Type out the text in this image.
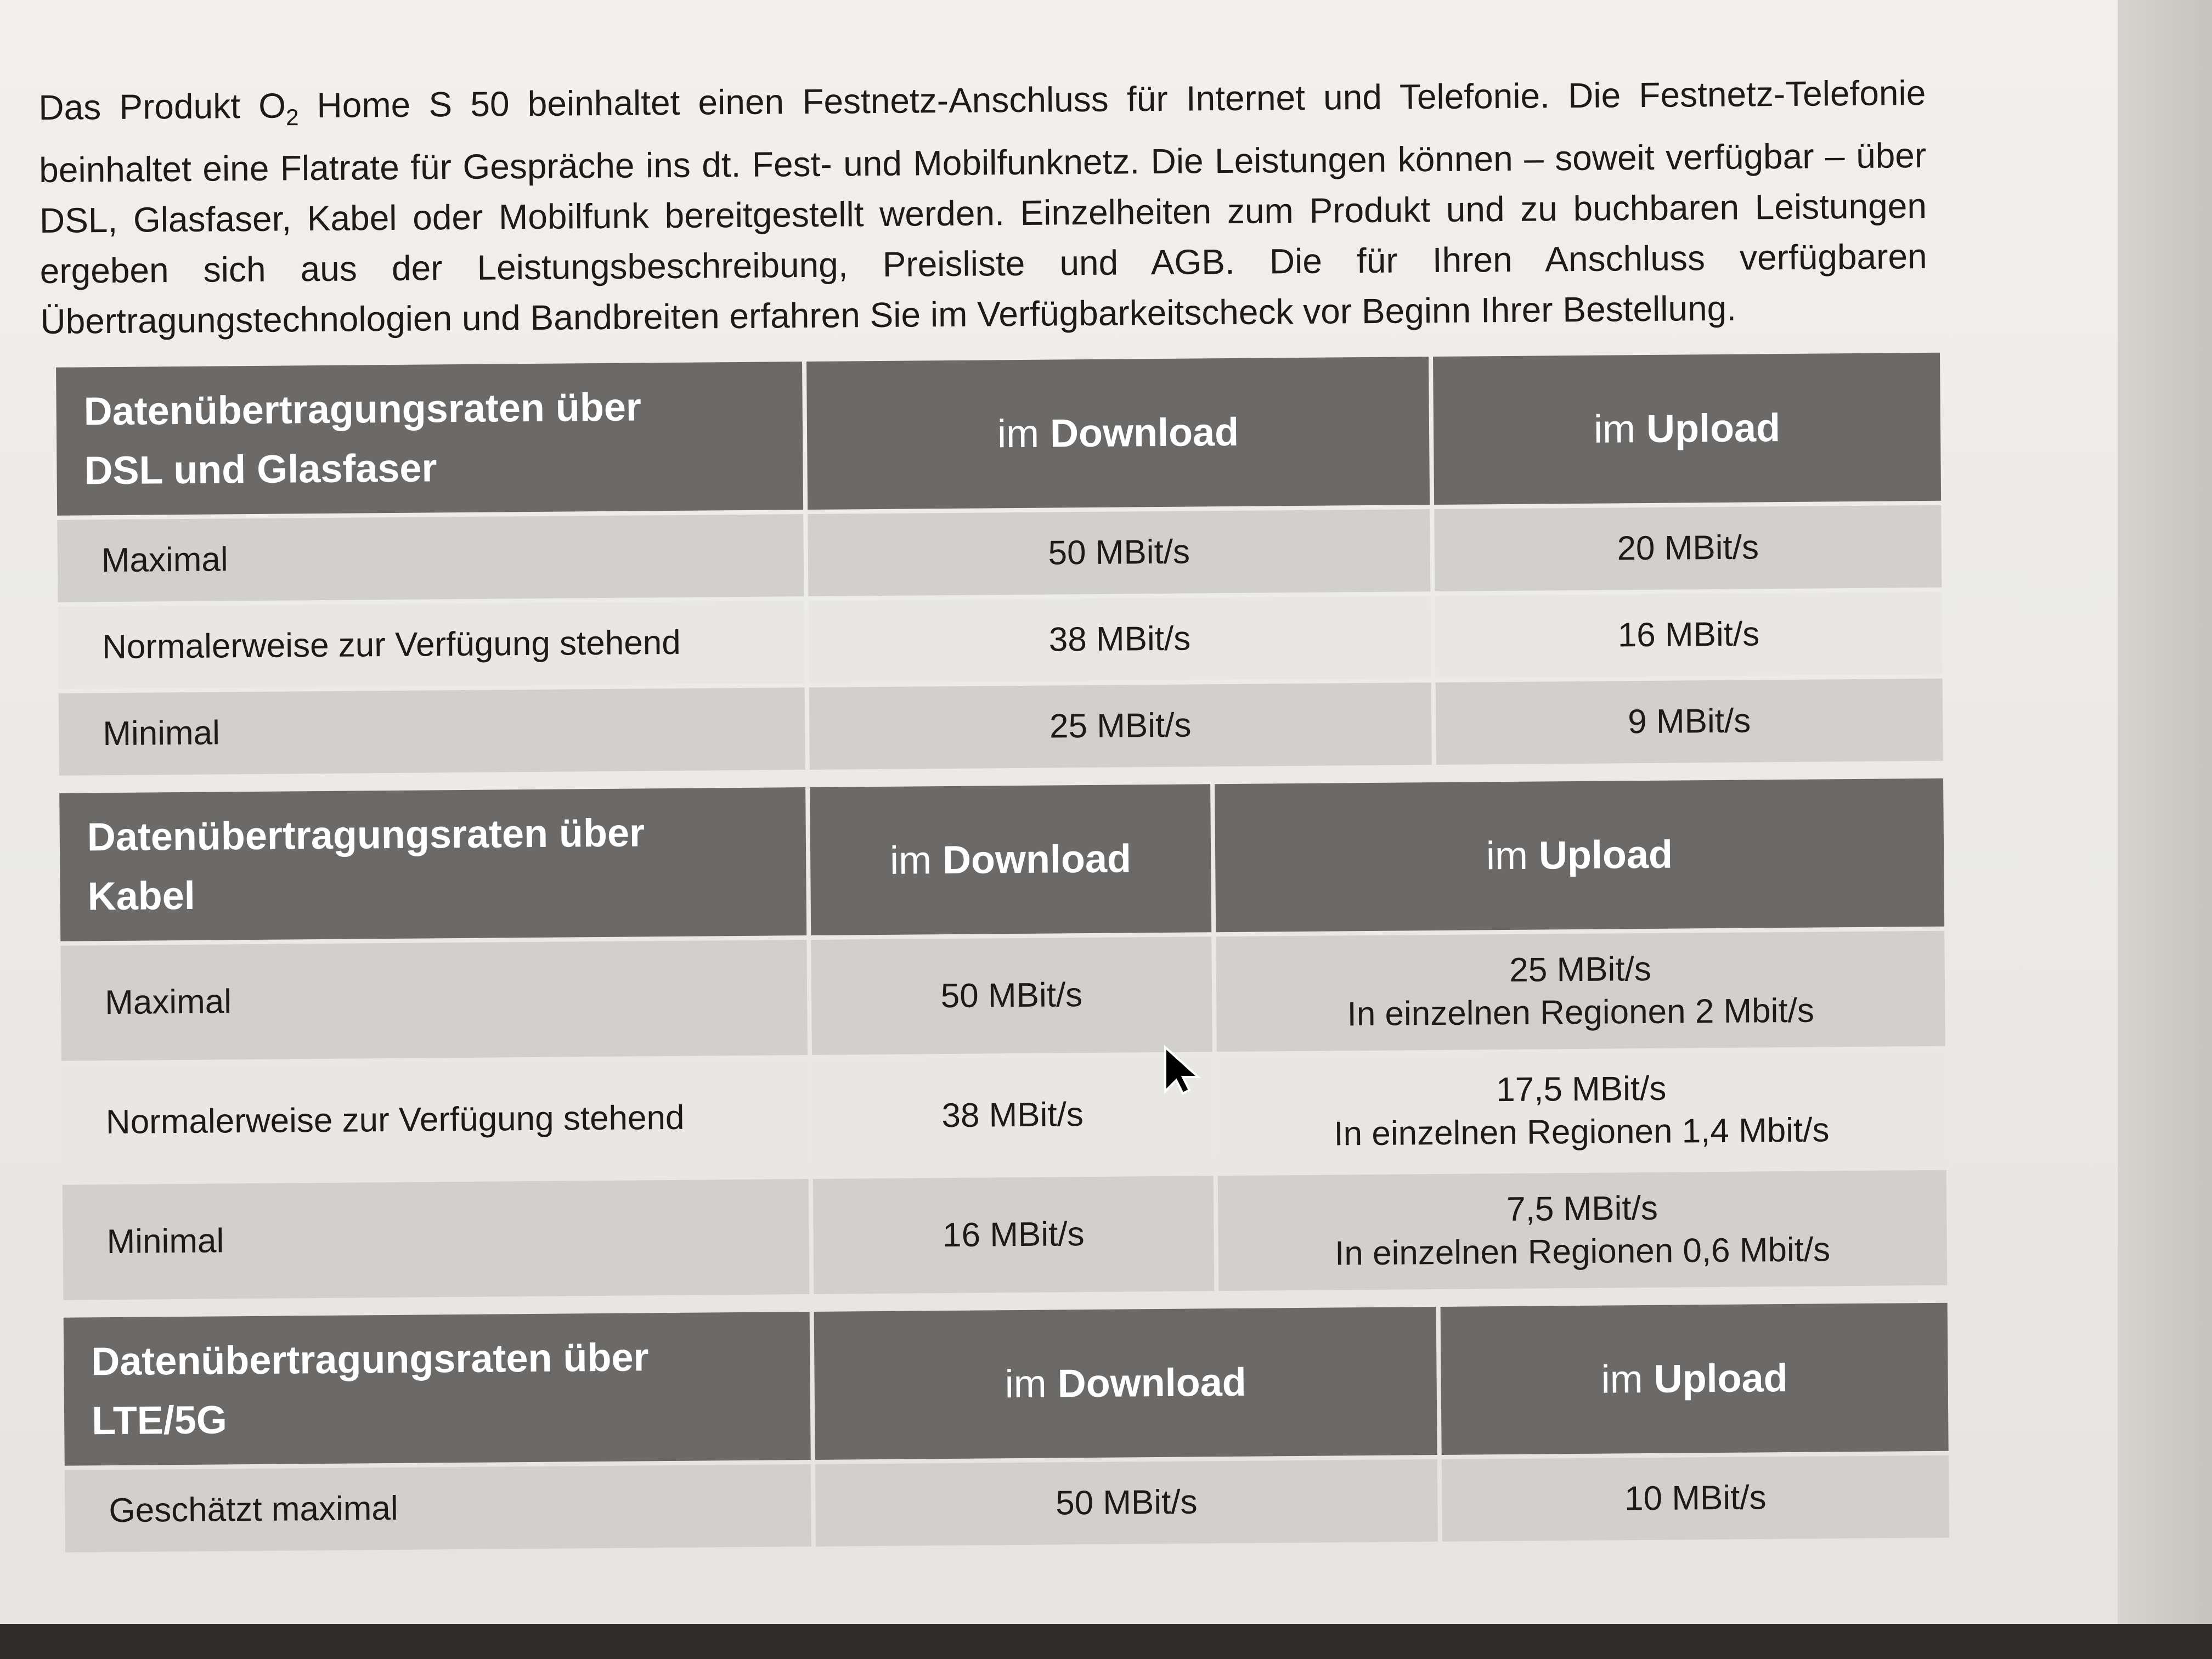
Das Produkt $O_2$ Home S 50 beinhaltet einen Festnetz-Anschluss für Internet und Telefonie. Die Festnetz-Telefonie beinhaltet eine Flatrate für Gespräche ins dt. Fest- und Mobilfunknetz. Die Leistungen können – soweit verfügbar – über DSL, Glasfaser, Kabel oder Mobilfunk bereitgestellt werden. Einzelheiten zum Produkt und zu buchbaren Leistungen ergeben sich aus der Leistungsbeschreibung, Preisliste und AGB. Die für Ihren Anschluss verfügbaren Übertragungstechnologien und Bandbreiten erfahren Sie im Verfügbarkeitscheck vor Beginn Ihrer Bestellung.

Datenübertragungsraten über
DSL und Glasfaser	im Download	im Upload
Maximal	50 MBit/s	20 MBit/s
Normalerweise zur Verfügung stehend	38 MBit/s	16 MBit/s
Minimal	25 MBit/s	9 MBit/s
Datenübertragungsraten über
Kabel	im Download	im Upload
Maximal	50 MBit/s	25 MBit/s
In einzelnen Regionen 2 Mbit/s
Normalerweise zur Verfügung stehend	38 MBit/s	17,5 MBit/s
In einzelnen Regionen 1,4 Mbit/s
Minimal	16 MBit/s	7,5 MBit/s
In einzelnen Regionen 0,6 Mbit/s
Datenübertragungsraten über
LTE/5G	im Download	im Upload
Geschätzt maximal	50 MBit/s	10 MBit/s
